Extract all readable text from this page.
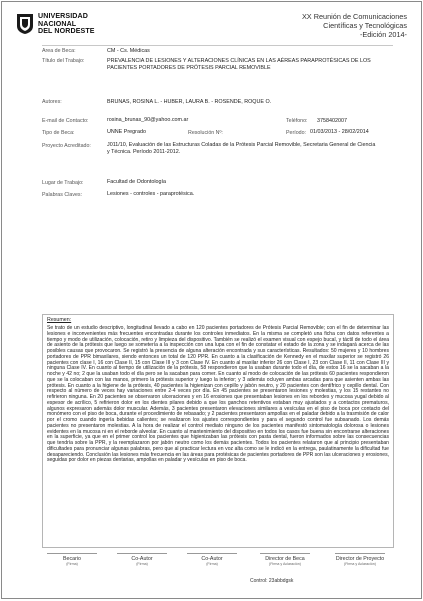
UNIVERSIDAD
NACIONAL
DEL NORDESTE
XX Reunión de Comunicaciones
Científicas y Tecnológicas
-Edición 2014-
Area de Beca:	CM - Cs. Médicas
Título del Trabajo:	PREVALENCIA DE LESIONES Y ALTERACIONES CLÍNICAS EN LAS AÉREAS PARAPROTÉSICAS DE LOS PACIENTES PORTADORES DE PRÓTESIS PARCIAL REMOVIBLE
Autores:	BRUNAS, ROSINA L. - HUBER, LAURA B. - ROSENDE, ROQUE O.
E-mail de Contacto:	rosina_brunas_90@yahoo.com.ar	Teléfono: 3758402007
Tipo de Beca:	UNNE Pregrado	Resolución Nº:	Período: 01/03/2013 - 28/02/2014
Proyecto Acreditado:	J011/10, Evaluación de las Estructuras Coladas de la Prótesis Parcial Removible, Secretaria General de Ciencia y Técnica. Período 2011-2012.
Lugar de Trabajo:	Facultad de Odontología
Palabras Claves:	Lesiones - controles - paraprotésica.
Resumen:
Se trato de un estudio descriptivo, longitudinal llevado a cabo en 120 pacientes portadores de Prótesis Parcial Removible; con el fin de determinar las lesiones e inconvenientes más frecuentes encontradas durante los controles inmediatos. En la misma se completó una ficha con datos referentes a tiempo y modo de utilización, colocación, retiro y limpieza del dispositivo. También se realizó el examen visual con espejo bucal, y táctil de todo el área de asiento de la prótesis que luego se sometería a la inspección con una lupa con el fin de constatar el estado de la zona y se indagará acerca de las posibles causas que provocaron. Se registró la presencia de alguna alteración encontrada y sus características. Resultados: 50 mujeres y 10 hombres portadores de PPR bimaxilares, siendo entonces un total de 120 PPR. En cuanto a la clasificación de Kennedy en el maxilar superior se registró 26 pacientes con clase I, 16 con Clase II, 15 con Clase III y 3 con Clase IV. En cuanto al maxilar inferior 26 con Clase I, 23 con Clase II, 11 con Clase III y ninguna Clase IV. En cuanto al tiempo de utilización de la prótesis, 58 respondieron que la usaban durante todo el día, de estos 16 se la sacaban a la noche y 42 no; 2 que la usaban todo el día pero se la sacaban para comer. En cuanto al modo de colocación de las prótesis 60 pacientes respondieron que se la colocaban con las manos, primero la prótesis superior y luego la inferior; y 3 además ocluyen ambas arcadas para que asienten ambas las prótesis. En cuanto a la higiene de la prótesis, 40 pacientes la higienizan con cepillo y jabón neutro, y 20 pacientes con dentífrico y cepillo dental. Con respecto al número de veces hay variaciones entre 2-4 veces por día. En 45 pacientes se presentaron lesiones y molestias, y los 15 restantes no refirieron ninguna. En 20 pacientes se observaron ulceraciones y en 16 erosiones que presentaban lesiones en los rebordes y mucosa yugal debido al espesor de acrílico, 5 refirieron dolor en los dientes pilares debido a que los ganchos retentivos estaban muy ajustados y a contactos prematuros, algunos expresaron además dolor muscular. Además, 3 pacientes presentaron elevaciones similares a vesículas en el piso de boca por contacto del monómero con el piso de boca, durante el procedimiento de rebasado; y 2 pacientes presentaron ampollas en el paladar debido a la trasmisión de calor por el cromo cuando ingería bebidas calientes; se realizaron los ajustes correspondientes y para el segundo control fue subsanado. Los demás pacientes no presentaron molestias. A la hora de realizar el control mediato ninguno de los pacientes manifestó sintomatología dolorosa o lesiones evidentes en la mucosa ni en el reborde alveolar. En cuanto al mantenimiento del dispositivo en todos los casos fue buena sin encontrarse alteraciones en la superficie, ya que en el primer control los pacientes que higienizaban las prótesis con pasta dental, fueron informados sobre las consecuencias que tendría sobre la PPR, y la reemplazaron por jabón neutro como los demás pacientes. Todos los pacientes relataron que al principio presentaban dificultades para pronunciar algunas palabras, pero que al practicar lectura en voz alta como se le indicó en la entrega, paulatinamente la dificultad fue desapareciendo. Conclusión las lesiones más frecuencia en las áreas para protésicas de pacientes portadores de PPR son las ulceraciones y erosiones, seguidas por dolor en piezas dentarias, ampollas en paladar y vesículas en piso de boca.
Becario
(Firma)
Co-Autor
(Firma)
Co-Autor
(Firma)
Director de Beca
(Firma y Aclaración)
Director de Proyecto
(Firma y Aclaración)
Control: 23abbdgsk
